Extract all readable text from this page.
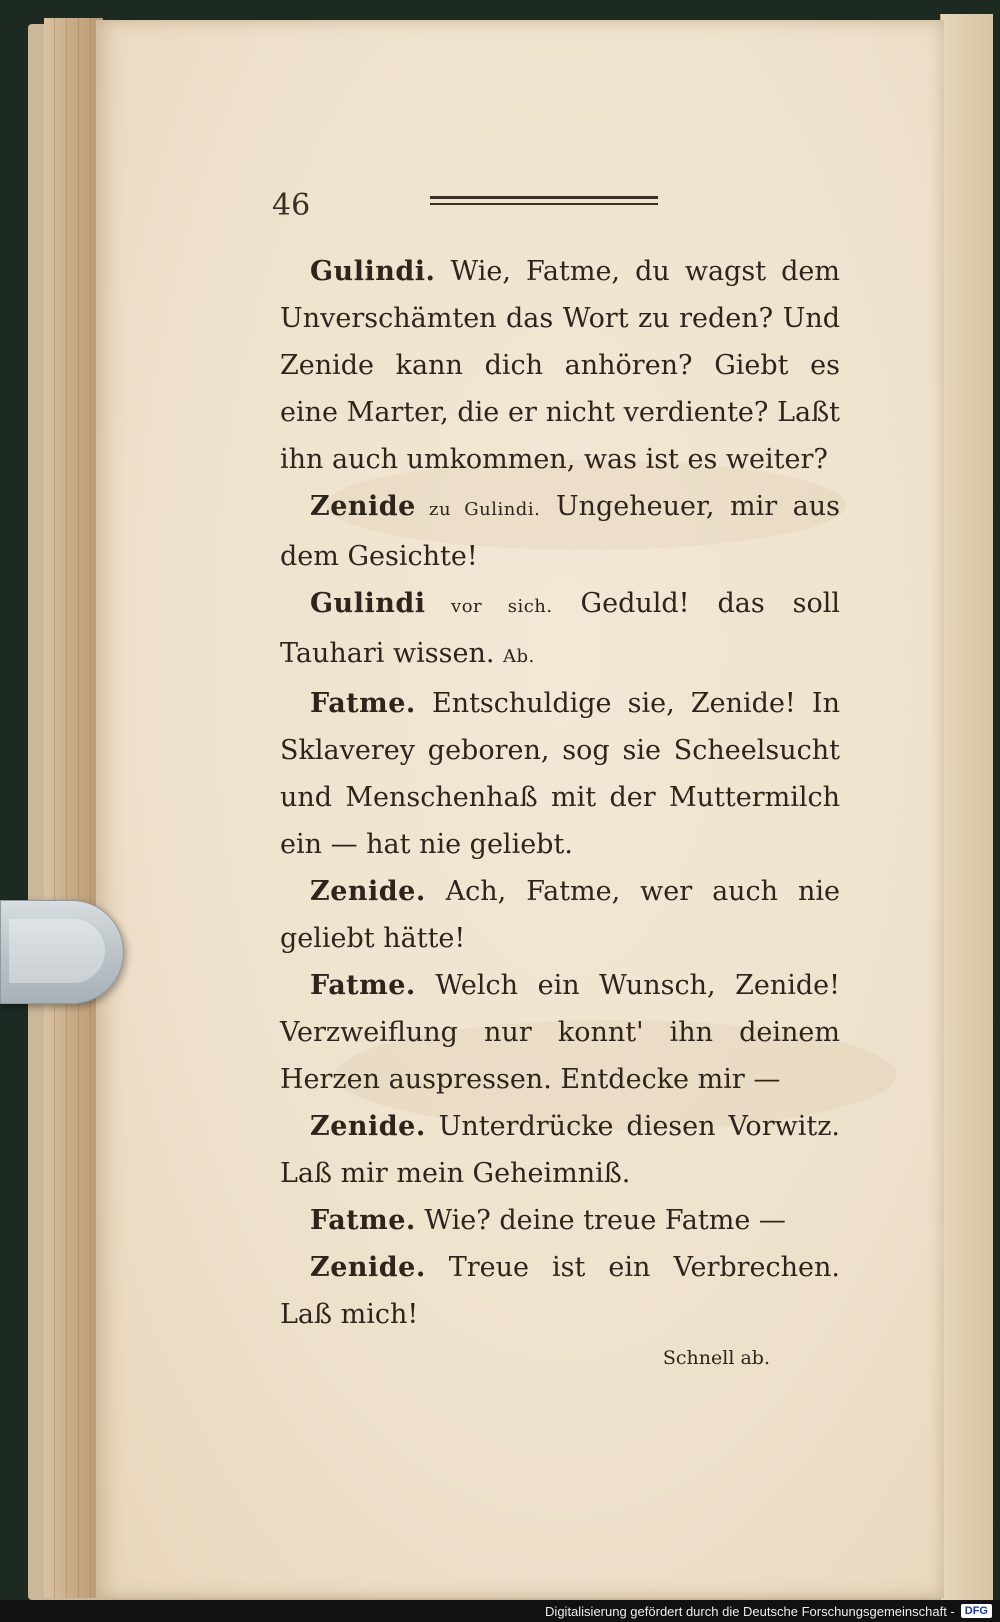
46

Gulindi. Wie, Fatme, du wagst dem Unverschämten das Wort zu reden? Und Zenide kann dich anhören? Giebt es eine Marter, die er nicht verdiente? Laßt ihn auch umkommen, was ist es weiter?

Zenide zu Gulindi. Ungeheuer, mir aus dem Gesichte!

Gulindi vor sich. Geduld! das soll Tauhari wissen. Ab.

Fatme. Entschuldige sie, Zenide! In Sklaverey geboren, sog sie Scheelsucht und Menschenhaß mit der Muttermilch ein — hat nie geliebt.

Zenide. Ach, Fatme, wer auch nie geliebt hätte!

Fatme. Welch ein Wunsch, Zenide! Verzweiflung nur konnt' ihn deinem Herzen auspressen. Entdecke mir —

Zenide. Unterdrücke diesen Vorwitz. Laß mir mein Geheimniß.

Fatme. Wie? deine treue Fatme —

Zenide. Treue ist ein Verbrechen. Laß mich!

Schnell ab.

Digitalisierung gefördert durch die Deutsche Forschungsgemeinschaft - DFG
